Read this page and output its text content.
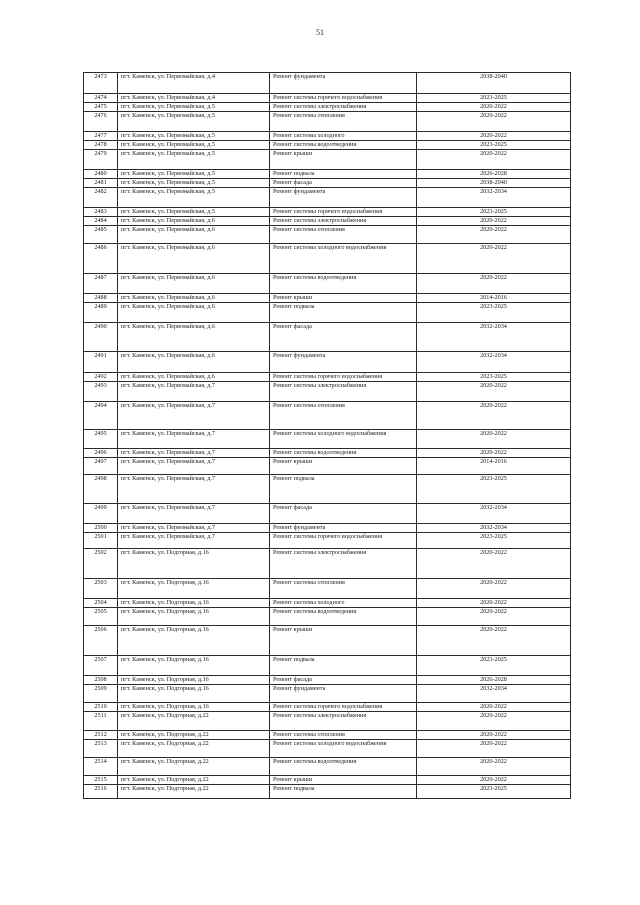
51
2473	пгт. Каменск, ул. Первомайская, д.4	Ремонт фундамента	2038-2040
2474	пгт. Каменск, ул. Первомайская, д.4	Ремонт системы горячего водоснабжения	2023-2025
2475	пгт. Каменск, ул. Первомайская, д.5	Ремонт системы электроснабжения	2020-2022
2476	пгт. Каменск, ул. Первомайская, д.5	Ремонт системы отопления	2020-2022
2477	пгт. Каменск, ул. Первомайская, д.5	Ремонт системы холодного	2020-2022
2478	пгт. Каменск, ул. Первомайская, д.5	Ремонт системы водоотведения	2023-2025
2479	пгт. Каменск, ул. Первомайская, д.5	Ремонт крыши	2020-2022
2480	пгт. Каменск, ул. Первомайская, д.5	Ремонт подвала	2026-2028
2481	пгт. Каменск, ул. Первомайская, д.5	Ремонт фасада	2038-2040
2482	пгт. Каменск, ул. Первомайская, д.5	Ремонт фундамента	2032-2034
2483	пгт. Каменск, ул. Первомайская, д.5	Ремонт системы горячего водоснабжения	2023-2025
2484	пгт. Каменск, ул. Первомайская, д.6	Ремонт системы электроснабжения	2020-2022
2485	пгт. Каменск, ул. Первомайская, д.6	Ремонт системы отопления	2020-2022
2486	пгт. Каменск, ул. Первомайская, д.6	Ремонт системы холодного водоснабжения	2020-2022
2487	пгт. Каменск, ул. Первомайская, д.6	Ремонт системы водоотведения	2020-2022
2488	пгт. Каменск, ул. Первомайская, д.6	Ремонт крыши	2014-2016
2489	пгт. Каменск, ул. Первомайская, д.6	Ремонт подвала	2023-2025
2490	пгт. Каменск, ул. Первомайская, д.6	Ремонт фасада	2032-2034
2491	пгт. Каменск, ул. Первомайская, д.6	Ремонт фундамента	2032-2034
2492	пгт. Каменск, ул. Первомайская, д.6	Ремонт системы горячего водоснабжения	2023-2025
2493	пгт. Каменск, ул. Первомайская, д.7	Ремонт системы электроснабжения	2020-2022
2494	пгт. Каменск, ул. Первомайская, д.7	Ремонт системы отопления	2020-2022
2495	пгт. Каменск, ул. Первомайская, д.7	Ремонт системы холодного водоснабжения	2020-2022
2496	пгт. Каменск, ул. Первомайская, д.7	Ремонт системы водоотведения	2020-2022
2497	пгт. Каменск, ул. Первомайская, д.7	Ремонт крыши	2014-2016
2498	пгт. Каменск, ул. Первомайская, д.7	Ремонт подвала	2023-2025
2499	пгт. Каменск, ул. Первомайская, д.7	Ремонт фасада	2032-2034
2500	пгт. Каменск, ул. Первомайская, д.7	Ремонт фундамента	2032-2034
2501	пгт. Каменск, ул. Первомайская, д.7	Ремонт системы горячего водоснабжения	2023-2025
2502	пгт. Каменск, ул. Подгорная, д.16	Ремонт системы электроснабжения	2020-2022
2503	пгт. Каменск, ул. Подгорная, д.16	Ремонт системы отопления	2020-2022
2504	пгт. Каменск, ул. Подгорная, д.16	Ремонт системы холодного	2020-2022
2505	пгт. Каменск, ул. Подгорная, д.16	Ремонт системы водоотведения	2020-2022
2506	пгт. Каменск, ул. Подгорная, д.16	Ремонт крыши	2020-2022
2507	пгт. Каменск, ул. Подгорная, д.16	Ремонт подвала	2023-2025
2508	пгт. Каменск, ул. Подгорная, д.16	Ремонт фасада	2026-2028
2509	пгт. Каменск, ул. Подгорная, д.16	Ремонт фундамента	2032-2034
2510	пгт. Каменск, ул. Подгорная, д.16	Ремонт системы горячего водоснабжения	2020-2022
2511	пгт. Каменск, ул. Подгорная, д.22	Ремонт системы электроснабжения	2020-2022
2512	пгт. Каменск, ул. Подгорная, д.22	Ремонт системы отопления	2020-2022
2513	пгт. Каменск, ул. Подгорная, д.22	Ремонт системы холодного водоснабжения	2020-2022
2514	пгт. Каменск, ул. Подгорная, д.22	Ремонт системы водоотведения	2020-2022
2515	пгт. Каменск, ул. Подгорная, д.22	Ремонт крыши	2020-2022
2516	пгт. Каменск, ул. Подгорная, д.22	Ремонт подвала	2023-2025
